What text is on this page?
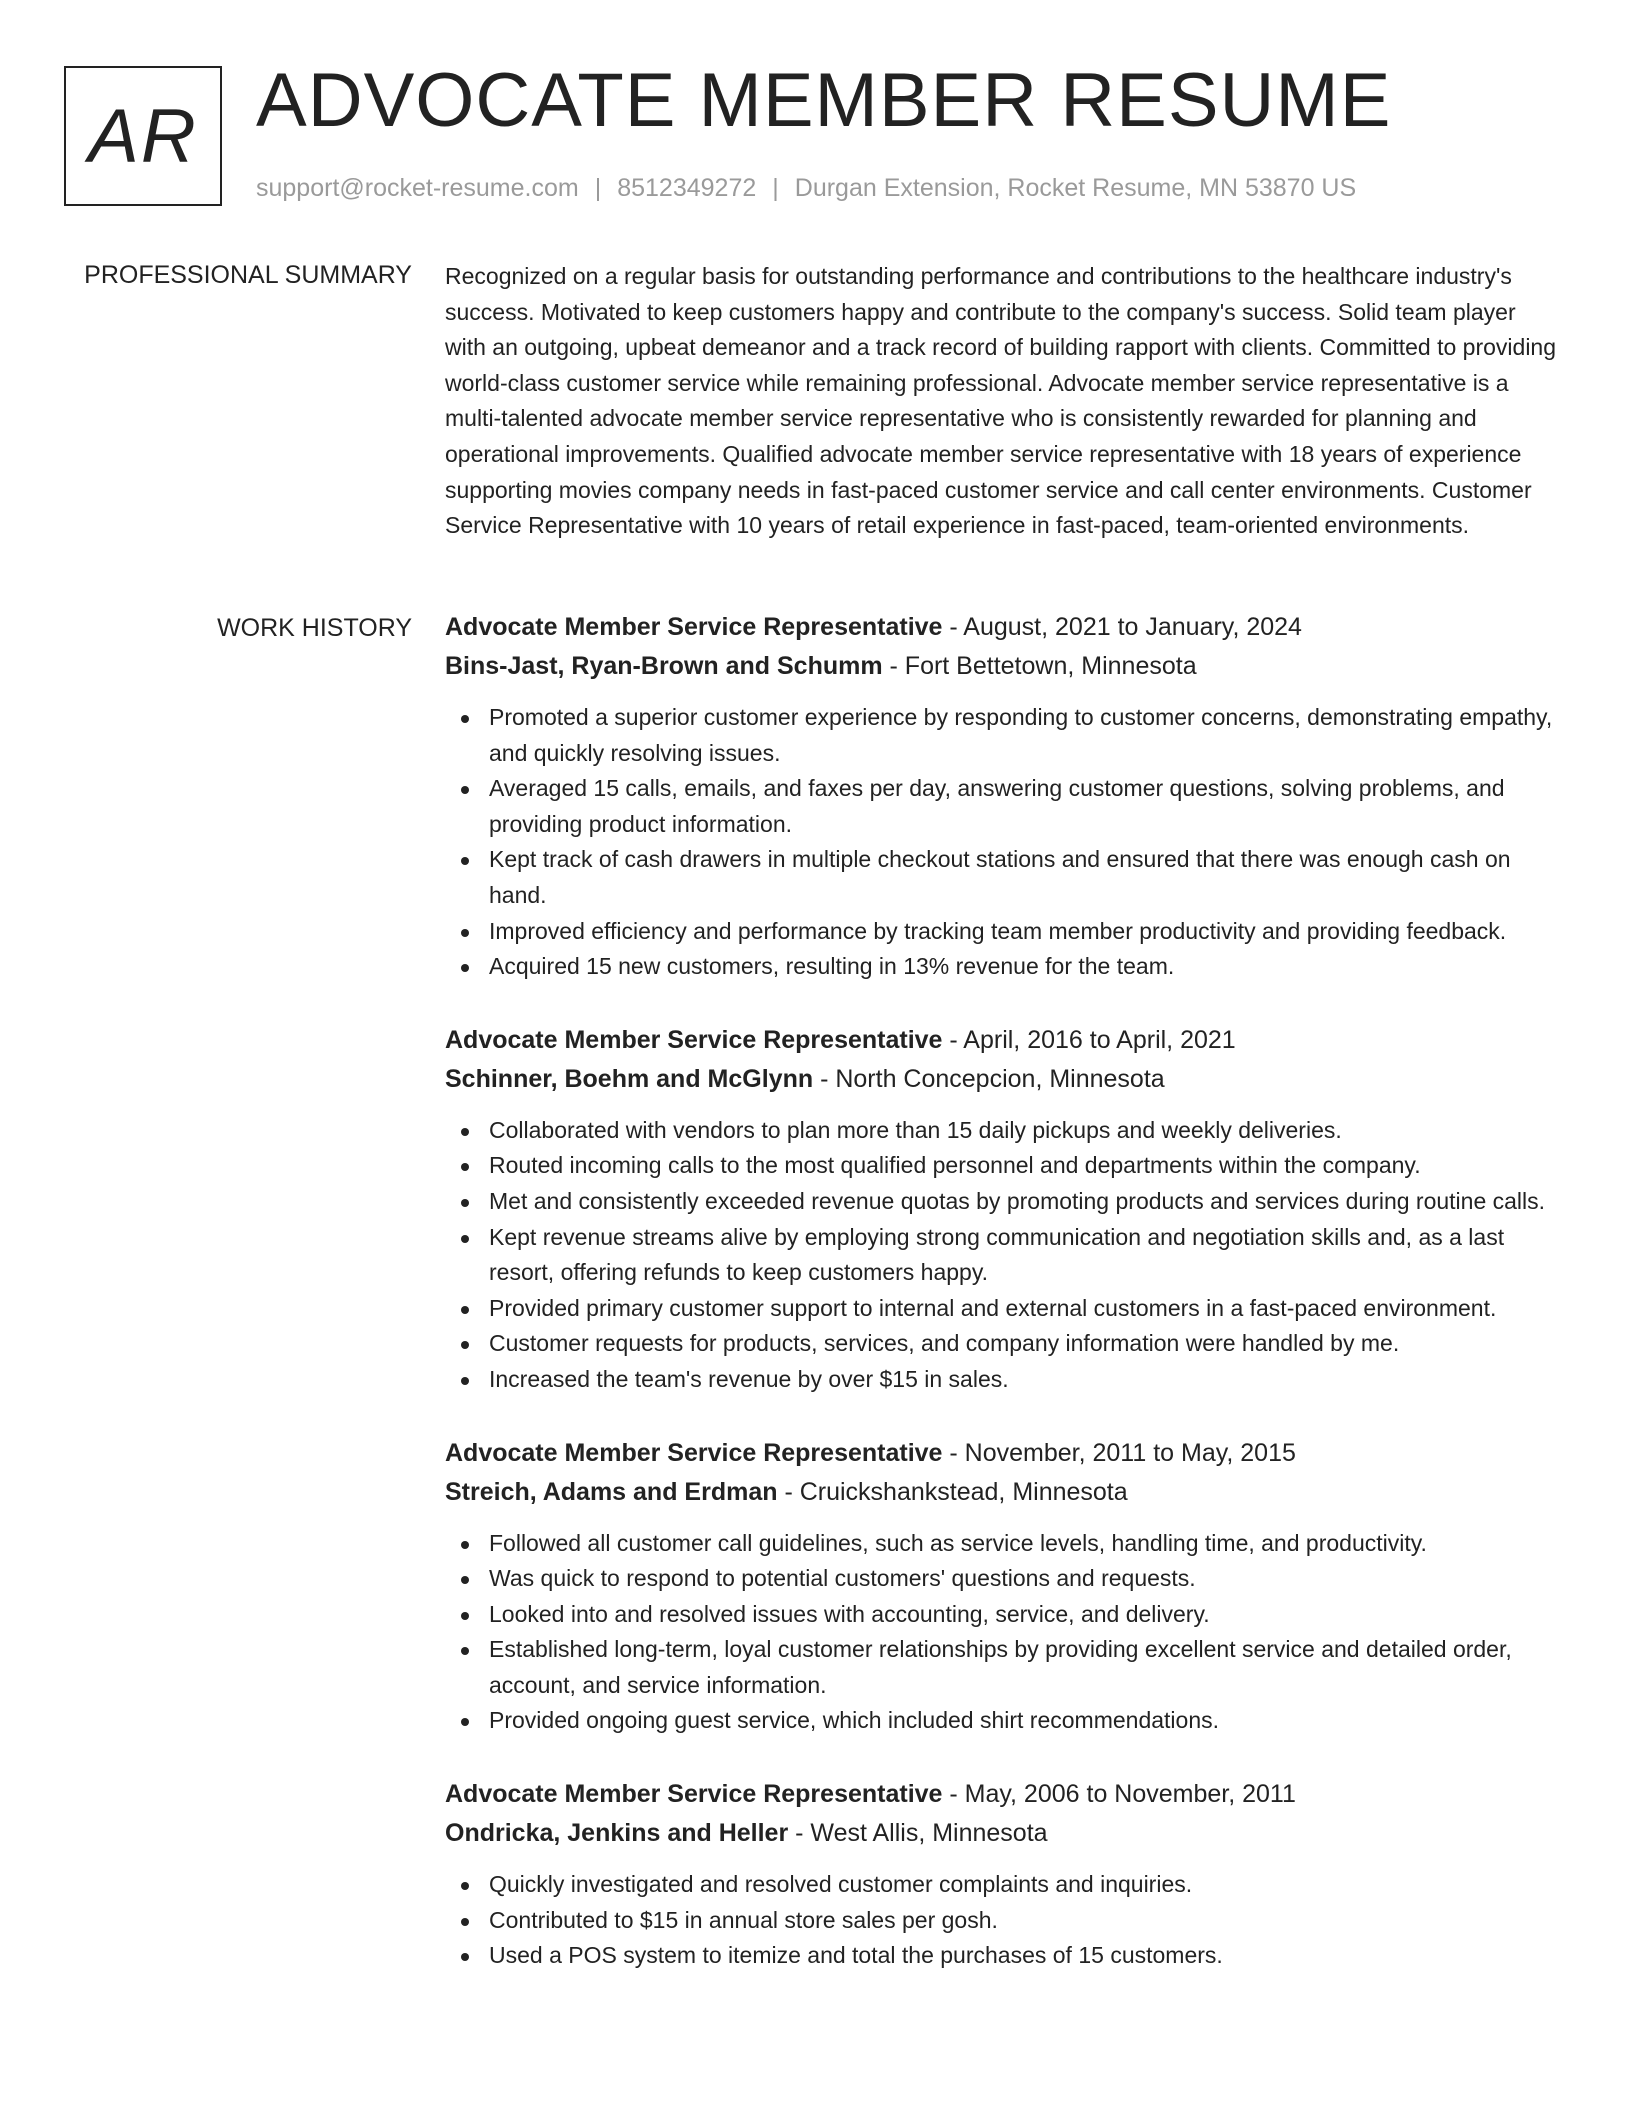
AR ADVOCATE MEMBER RESUME
support@rocket-resume.com | 8512349272 | Durgan Extension, Rocket Resume, MN 53870 US
PROFESSIONAL SUMMARY Recognized on a regular basis for outstanding performance and contributions to the healthcare industry's success. Motivated to keep customers happy and contribute to the company's success. Solid team player with an outgoing, upbeat demeanor and a track record of building rapport with clients. Committed to providing world-class customer service while remaining professional. Advocate member service representative is a multi-talented advocate member service representative who is consistently rewarded for planning and operational improvements. Qualified advocate member service representative with 18 years of experience supporting movies company needs in fast-paced customer service and call center environments. Customer Service Representative with 10 years of retail experience in fast-paced, team-oriented environments.

WORK HISTORY Advocate Member Service Representative - August, 2021 to January, 2024
Bins-Jast, Ryan-Brown and Schumm - Fort Bettetown, Minnesota
Promoted a superior customer experience by responding to customer concerns, demonstrating empathy, and quickly resolving issues.
Averaged 15 calls, emails, and faxes per day, answering customer questions, solving problems, and providing product information.
Kept track of cash drawers in multiple checkout stations and ensured that there was enough cash on hand.
Improved efficiency and performance by tracking team member productivity and providing feedback.
Acquired 15 new customers, resulting in 13% revenue for the team.
Advocate Member Service Representative - April, 2016 to April, 2021
Schinner, Boehm and McGlynn - North Concepcion, Minnesota
Collaborated with vendors to plan more than 15 daily pickups and weekly deliveries.
Routed incoming calls to the most qualified personnel and departments within the company.
Met and consistently exceeded revenue quotas by promoting products and services during routine calls.
Kept revenue streams alive by employing strong communication and negotiation skills and, as a last resort, offering refunds to keep customers happy.
Provided primary customer support to internal and external customers in a fast-paced environment.
Customer requests for products, services, and company information were handled by me.
Increased the team's revenue by over $15 in sales.
Advocate Member Service Representative - November, 2011 to May, 2015
Streich, Adams and Erdman - Cruickshankstead, Minnesota
Followed all customer call guidelines, such as service levels, handling time, and productivity.
Was quick to respond to potential customers' questions and requests.
Looked into and resolved issues with accounting, service, and delivery.
Established long-term, loyal customer relationships by providing excellent service and detailed order, account, and service information.
Provided ongoing guest service, which included shirt recommendations.
Advocate Member Service Representative - May, 2006 to November, 2011
Ondricka, Jenkins and Heller - West Allis, Minnesota
Quickly investigated and resolved customer complaints and inquiries.
Contributed to $15 in annual store sales per gosh.
Used a POS system to itemize and total the purchases of 15 customers.
